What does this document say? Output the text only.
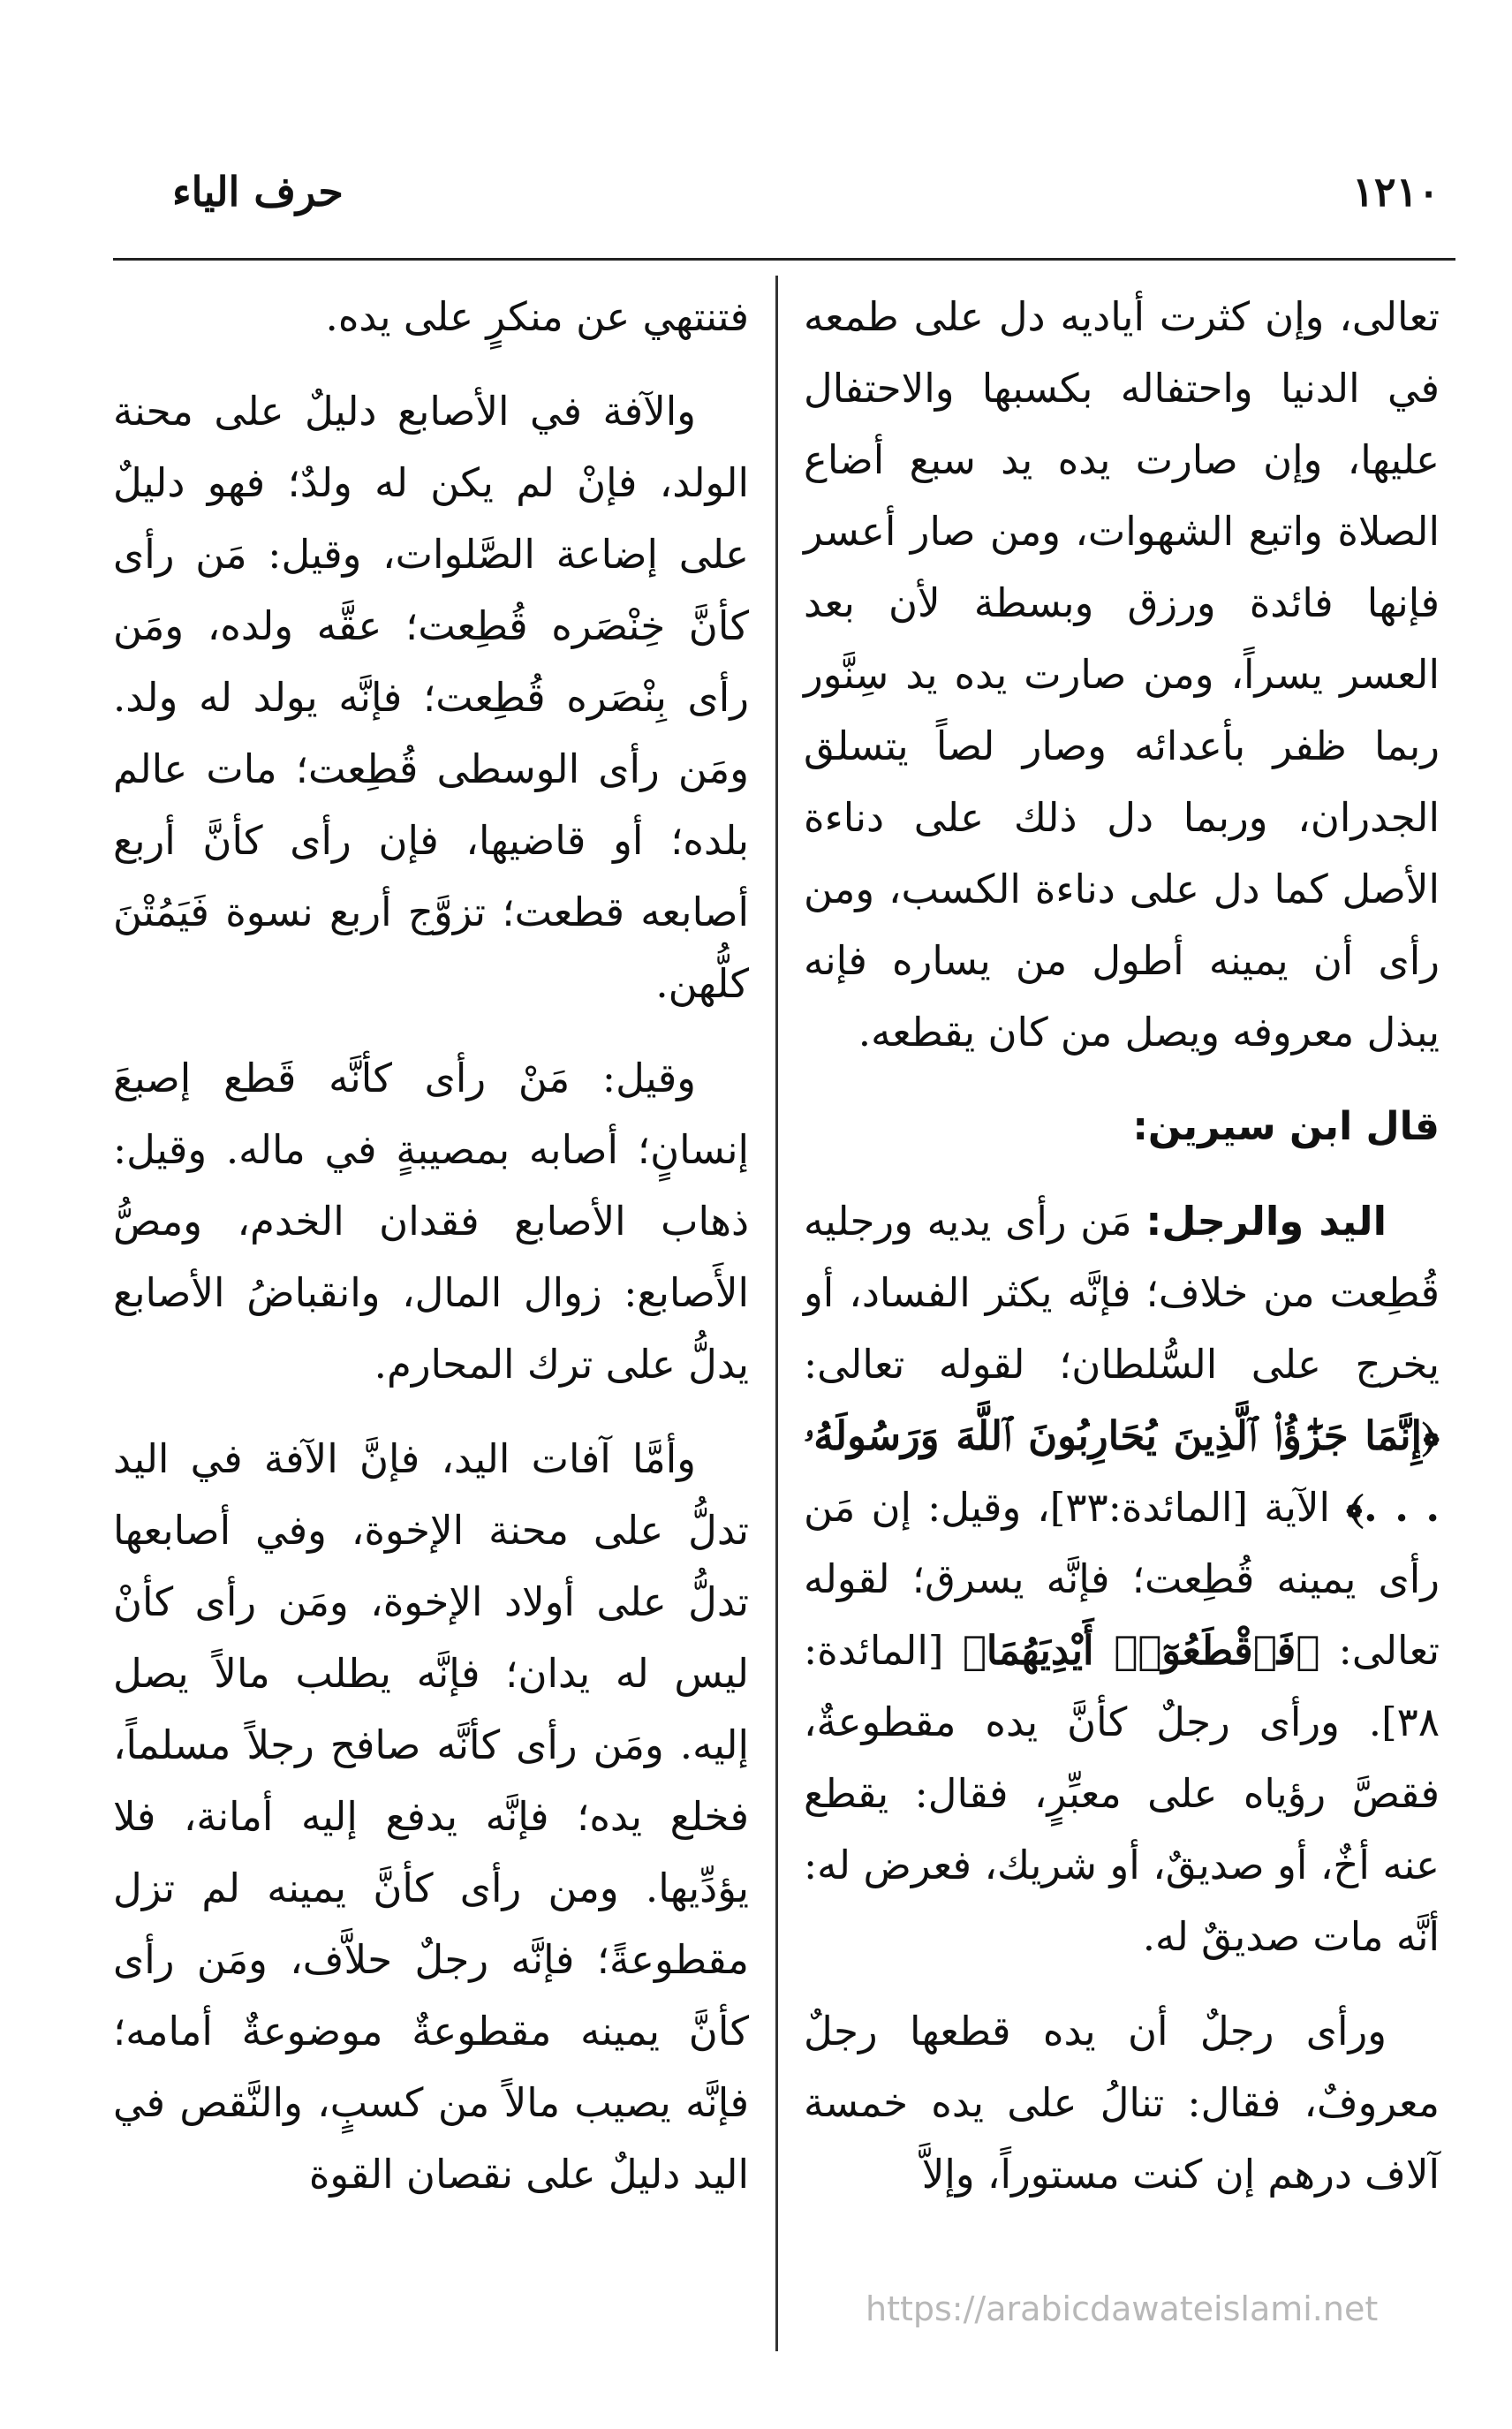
١٢١٠
حرف الياء

تعالى، وإن كثرت أياديه دل على طمعه في الدنيا واحتفاله بكسبها والاحتفال عليها، وإن صارت يده يد سبع أضاع الصلاة واتبع الشهوات، ومن صار أعسر فإنها فائدة ورزق وبسطة لأن بعد العسر يسراً، ومن صارت يده يد سِنَّور ربما ظفر بأعدائه وصار لصاً يتسلق الجدران، وربما دل ذلك على دناءة الأصل كما دل على دناءة الكسب، ومن رأى أن يمينه أطول من يساره فإنه يبذل معروفه ويصل من كان يقطعه.

قال ابن سيرين:

اليد والرجل: مَن رأى يديه ورجليه قُطِعت من خلاف؛ فإنَّه يكثر الفساد، أو يخرج على السُّلطان؛ لقوله تعالى: ﴿إِنَّمَا جَزَٰٓؤُا۟ ٱلَّذِينَ يُحَارِبُونَ ٱللَّهَ وَرَسُولَهُۥ . . .﴾ الآية [المائدة:٣٣]، وقيل: إن مَن رأى يمينه قُطِعت؛ فإنَّه يسرق؛ لقوله تعالى: ﴿فَٱقْطَعُوٓا۟ أَيْدِيَهُمَا﴾ [المائدة: ٣٨]. ورأى رجلٌ كأنَّ يده مقطوعةٌ، فقصَّ رؤياه على معبِّرٍ، فقال: يقطع عنه أخٌ، أو صديقٌ، أو شريك، فعرض له: أنَّه مات صديقٌ له.

ورأى رجلٌ أن يده قطعها رجلٌ معروفٌ، فقال: تنالُ على يده خمسة آلاف درهم إن كنت مستوراً، وإلاَّ

فتنتهي عن منكرٍ على يده.

والآفة في الأصابع دليلٌ على محنة الولد، فإنْ لم يكن له ولدٌ؛ فهو دليلٌ على إضاعة الصَّلوات، وقيل: مَن رأى كأنَّ خِنْصَره قُطِعت؛ عقَّه ولده، ومَن رأى بِنْصَره قُطِعت؛ فإنَّه يولد له ولد. ومَن رأى الوسطى قُطِعت؛ مات عالم بلده؛ أو قاضيها، فإن رأى كأنَّ أربع أصابعه قطعت؛ تزوَّج أربع نسوة فَيَمُتْنَ كلُّهن.

وقيل: مَنْ رأى كأنَّه قَطع إصبعَ إنسانٍ؛ أصابه بمصيبةٍ في ماله. وقيل: ذهاب الأصابع فقدان الخدم، ومصُّ الأَصابع: زوال المال، وانقباضُ الأصابع يدلُّ على ترك المحارم.

وأمَّا آفات اليد، فإنَّ الآفة في اليد تدلُّ على محنة الإخوة، وفي أصابعها تدلُّ على أولاد الإخوة، ومَن رأى كأنْ ليس له يدان؛ فإنَّه يطلب مالاً يصل إليه. ومَن رأى كأنَّه صافح رجلاً مسلماً، فخلع يده؛ فإنَّه يدفع إليه أمانة، فلا يؤدِّيها. ومن رأى كأنَّ يمينه لم تزل مقطوعةً؛ فإنَّه رجلٌ حلاَّف، ومَن رأى كأنَّ يمينه مقطوعةٌ موضوعةٌ أمامه؛ فإنَّه يصيب مالاً من كسبٍ، والنَّقص في اليد دليلٌ على نقصان القوة

https://arabicdawateislami.net
